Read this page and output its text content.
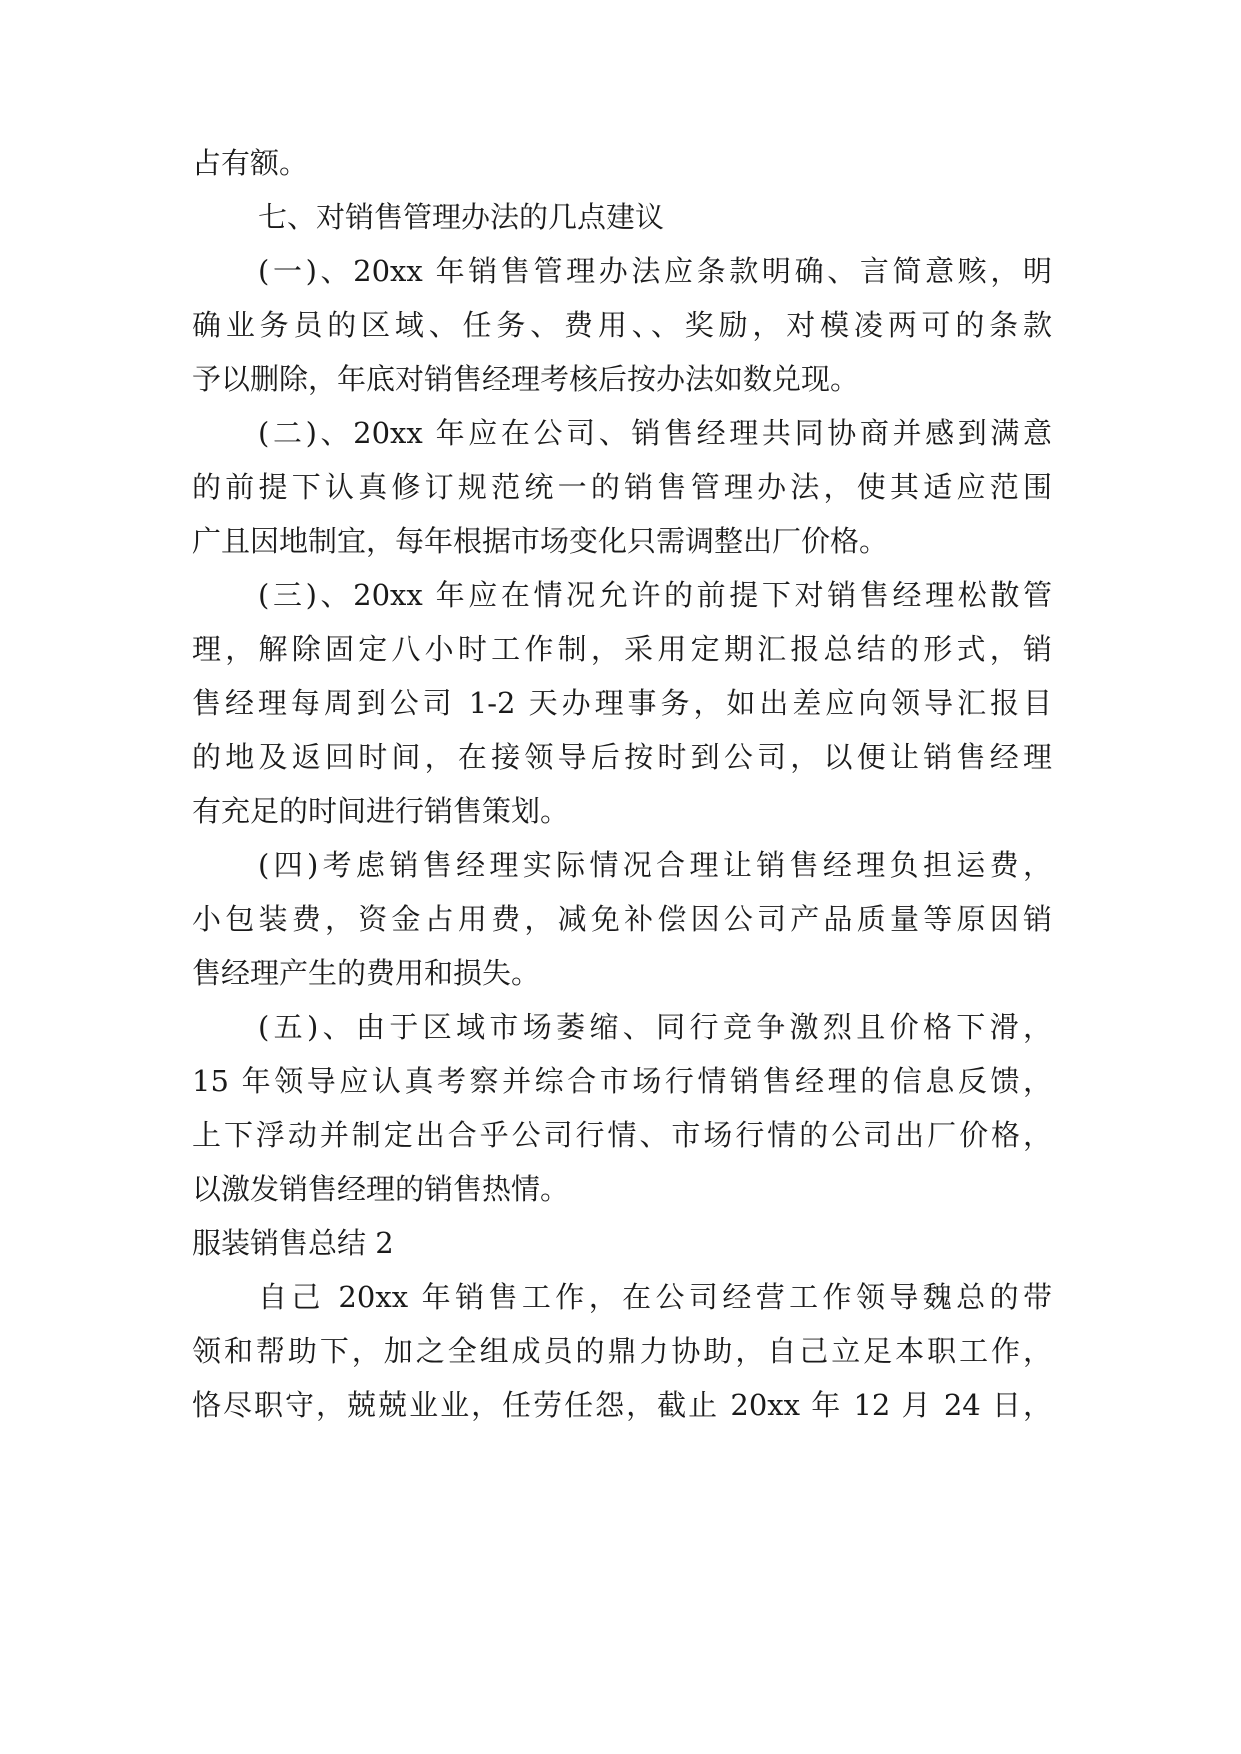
占有额。
七、对销售管理办法的几点建议
(一)、20xx 年销售管理办法应条款明确、言简意赅，明
确业务员的区域、任务、费用、、奖励，对模凌两可的条款
予以删除，年底对销售经理考核后按办法如数兑现。
(二)、20xx 年应在公司、销售经理共同协商并感到满意
的前提下认真修订规范统一的销售管理办法，使其适应范围
广且因地制宜，每年根据市场变化只需调整出厂价格。
(三)、20xx 年应在情况允许的前提下对销售经理松散管
理，解除固定八小时工作制，采用定期汇报总结的形式，销
售经理每周到公司 1-2 天办理事务，如出差应向领导汇报目
的地及返回时间，在接领导后按时到公司，以便让销售经理
有充足的时间进行销售策划。
(四)考虑销售经理实际情况合理让销售经理负担运费，
小包装费，资金占用费，减免补偿因公司产品质量等原因销
售经理产生的费用和损失。
(五)、由于区域市场萎缩、同行竞争激烈且价格下滑，
15 年领导应认真考察并综合市场行情销售经理的信息反馈，
上下浮动并制定出合乎公司行情、市场行情的公司出厂价格，
以激发销售经理的销售热情。
服装销售总结 2
自己 20xx 年销售工作，在公司经营工作领导魏总的带
领和帮助下，加之全组成员的鼎力协助，自己立足本职工作，
恪尽职守，兢兢业业，任劳任怨，截止 20xx 年 12 月 24 日，
